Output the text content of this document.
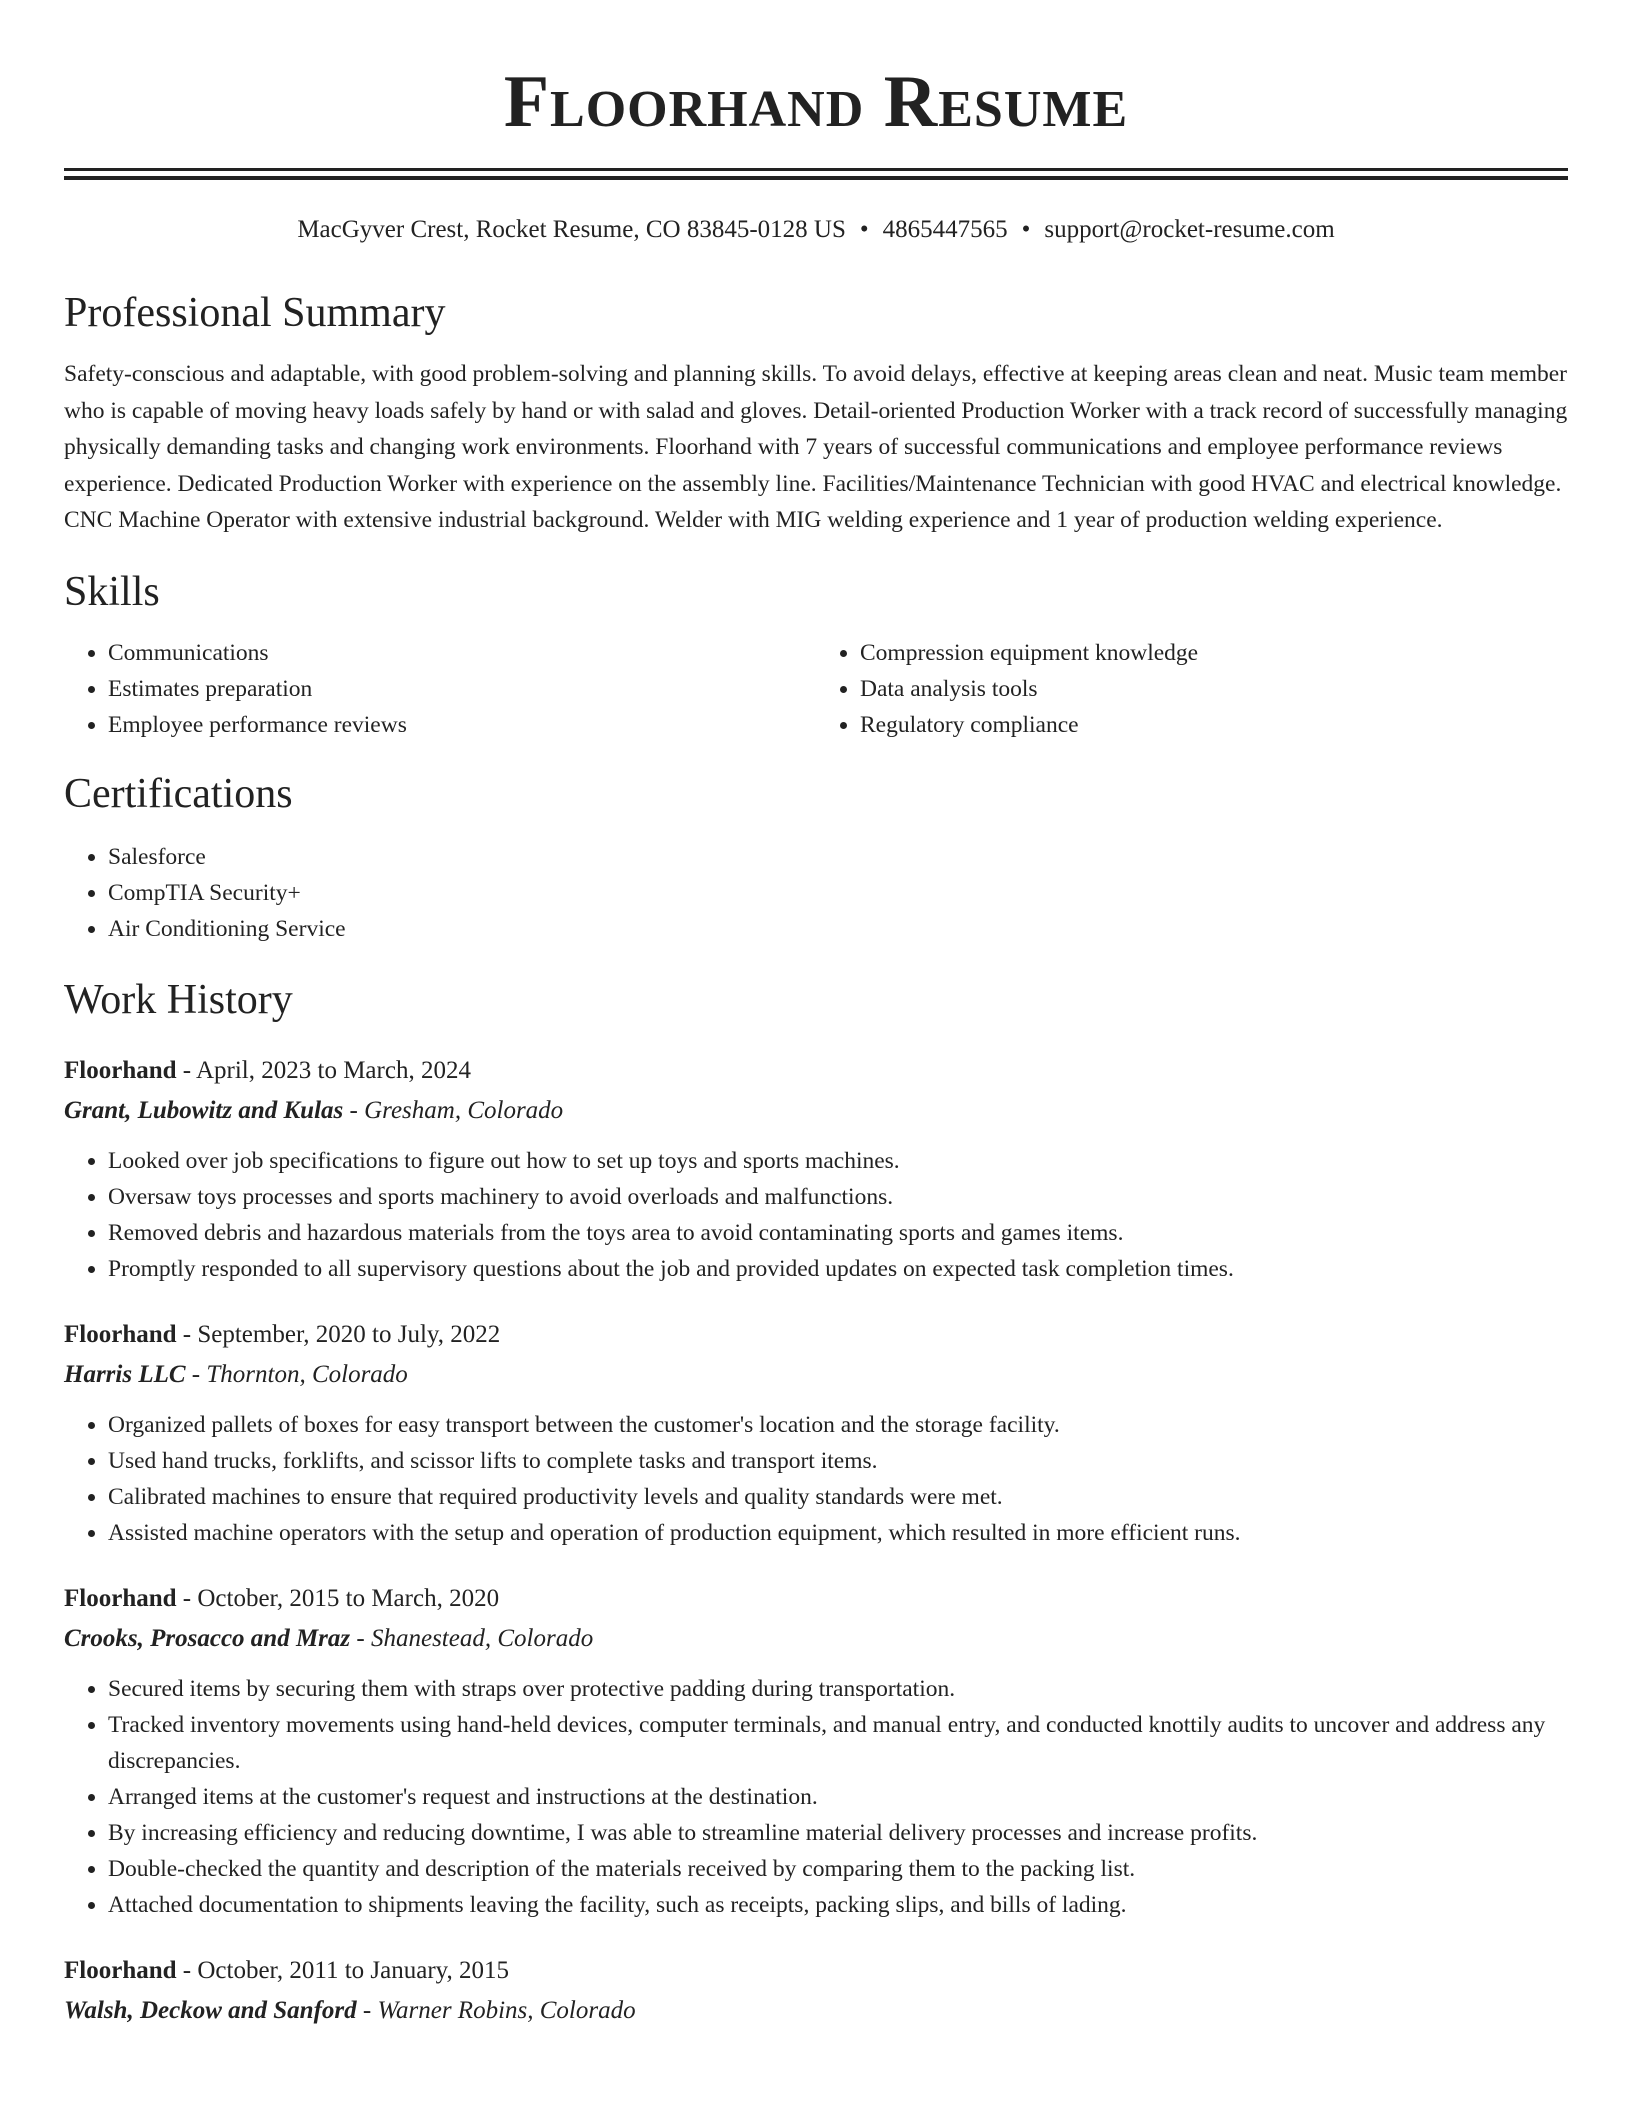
Floorhand Resume
MacGyver Crest, Rocket Resume, CO 83845-0128 US • 4865447565 • support@rocket-resume.com
Professional Summary
Safety-conscious and adaptable, with good problem-solving and planning skills. To avoid delays, effective at keeping areas clean and neat. Music team member who is capable of moving heavy loads safely by hand or with salad and gloves. Detail-oriented Production Worker with a track record of successfully managing physically demanding tasks and changing work environments. Floorhand with 7 years of successful communications and employee performance reviews experience. Dedicated Production Worker with experience on the assembly line. Facilities/Maintenance Technician with good HVAC and electrical knowledge. CNC Machine Operator with extensive industrial background. Welder with MIG welding experience and 1 year of production welding experience.
Skills
• Communications
• Estimates preparation
• Employee performance reviews
• Compression equipment knowledge
• Data analysis tools
• Regulatory compliance
Certifications
• Salesforce
• CompTIA Security+
• Air Conditioning Service
Work History
Floorhand - April, 2023 to March, 2024
Grant, Lubowitz and Kulas - Gresham, Colorado
• Looked over job specifications to figure out how to set up toys and sports machines.
• Oversaw toys processes and sports machinery to avoid overloads and malfunctions.
• Removed debris and hazardous materials from the toys area to avoid contaminating sports and games items.
• Promptly responded to all supervisory questions about the job and provided updates on expected task completion times.
Floorhand - September, 2020 to July, 2022
Harris LLC - Thornton, Colorado
• Organized pallets of boxes for easy transport between the customer's location and the storage facility.
• Used hand trucks, forklifts, and scissor lifts to complete tasks and transport items.
• Calibrated machines to ensure that required productivity levels and quality standards were met.
• Assisted machine operators with the setup and operation of production equipment, which resulted in more efficient runs.
Floorhand - October, 2015 to March, 2020
Crooks, Prosacco and Mraz - Shanestead, Colorado
• Secured items by securing them with straps over protective padding during transportation.
• Tracked inventory movements using hand-held devices, computer terminals, and manual entry, and conducted knottily audits to uncover and address any discrepancies.
• Arranged items at the customer's request and instructions at the destination.
• By increasing efficiency and reducing downtime, I was able to streamline material delivery processes and increase profits.
• Double-checked the quantity and description of the materials received by comparing them to the packing list.
• Attached documentation to shipments leaving the facility, such as receipts, packing slips, and bills of lading.
Floorhand - October, 2011 to January, 2015
Walsh, Deckow and Sanford - Warner Robins, Colorado
